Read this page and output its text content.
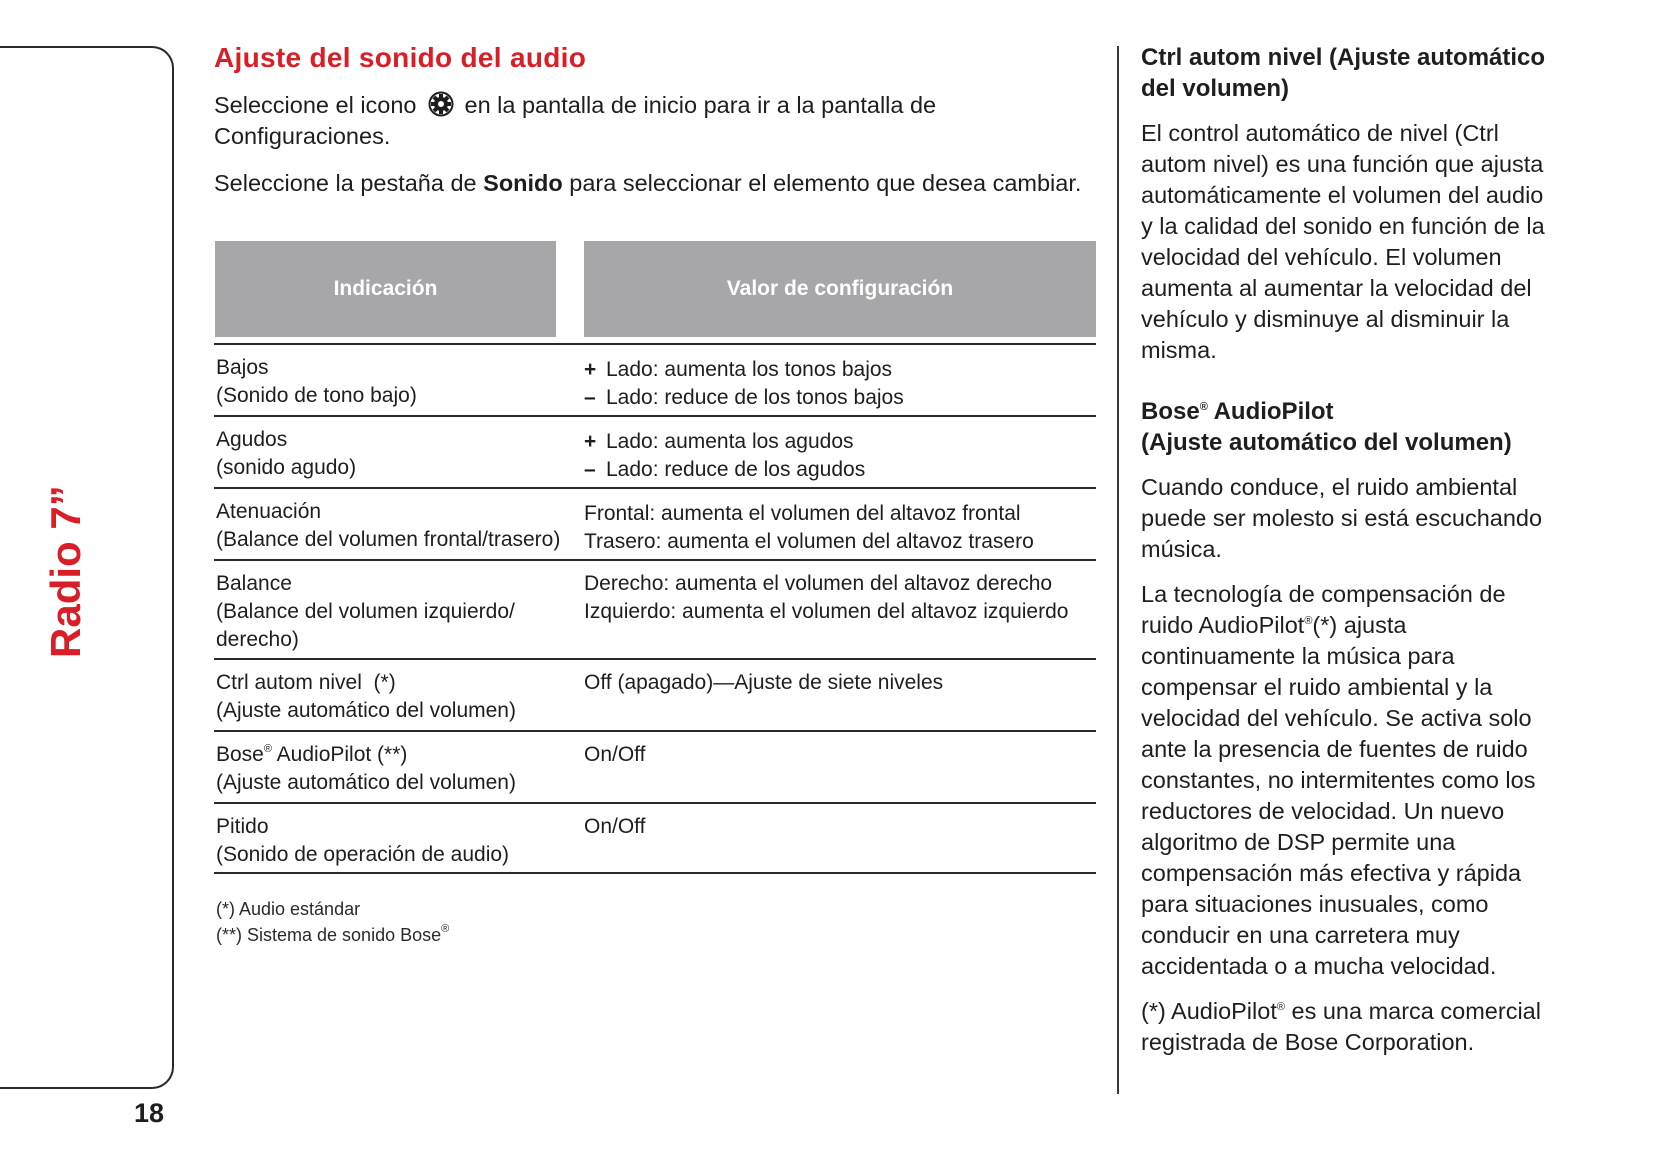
Radio 7”
18
Ajuste del sonido del audio

Seleccione el icono en la pantalla de inicio para ir a la pantalla de Configuraciones.

Seleccione la pestaña de Sonido para seleccionar el elemento que desea cambiar.

Indicación	Valor de configuración
Bajos
(Sonido de tono bajo)
+ Lado: aumenta los tonos bajos
– Lado: reduce de los tonos bajos
Agudos
(sonido agudo)
+ Lado: aumenta los agudos
– Lado: reduce de los agudos
Atenuación
(Balance del volumen frontal/trasero)
Frontal: aumenta el volumen del altavoz frontal
Trasero: aumenta el volumen del altavoz trasero
Balance
(Balance del volumen izquierdo/
derecho)
Derecho: aumenta el volumen del altavoz derecho
Izquierdo: aumenta el volumen del altavoz izquierdo
Ctrl autom nivel  (*)
(Ajuste automático del volumen)
Off (apagado)—Ajuste de siete niveles
Bose® AudioPilot (**)
(Ajuste automático del volumen)
On/Off
Pitido
(Sonido de operación de audio)
On/Off
(*) Audio estándar
(**) Sistema de sonido Bose®
Ctrl autom nivel (Ajuste automático del volumen)

El control automático de nivel (Ctrl autom nivel) es una función que ajusta automáticamente el volumen del audio y la calidad del sonido en función de la velocidad del vehículo. El volumen aumenta al aumentar la velocidad del vehículo y disminuye al disminuir la misma.

Bose® AudioPilot
(Ajuste automático del volumen)

Cuando conduce, el ruido ambiental puede ser molesto si está escuchando música.

La tecnología de compensación de ruido AudioPilot®(*) ajusta continuamente la música para compensar el ruido ambiental y la velocidad del vehículo. Se activa solo ante la presencia de fuentes de ruido constantes, no intermitentes como los reductores de velocidad. Un nuevo algoritmo de DSP permite una compensación más efectiva y rápida para situaciones inusuales, como conducir en una carretera muy accidentada o a mucha velocidad.

(*) AudioPilot® es una marca comercial registrada de Bose Corporation.
